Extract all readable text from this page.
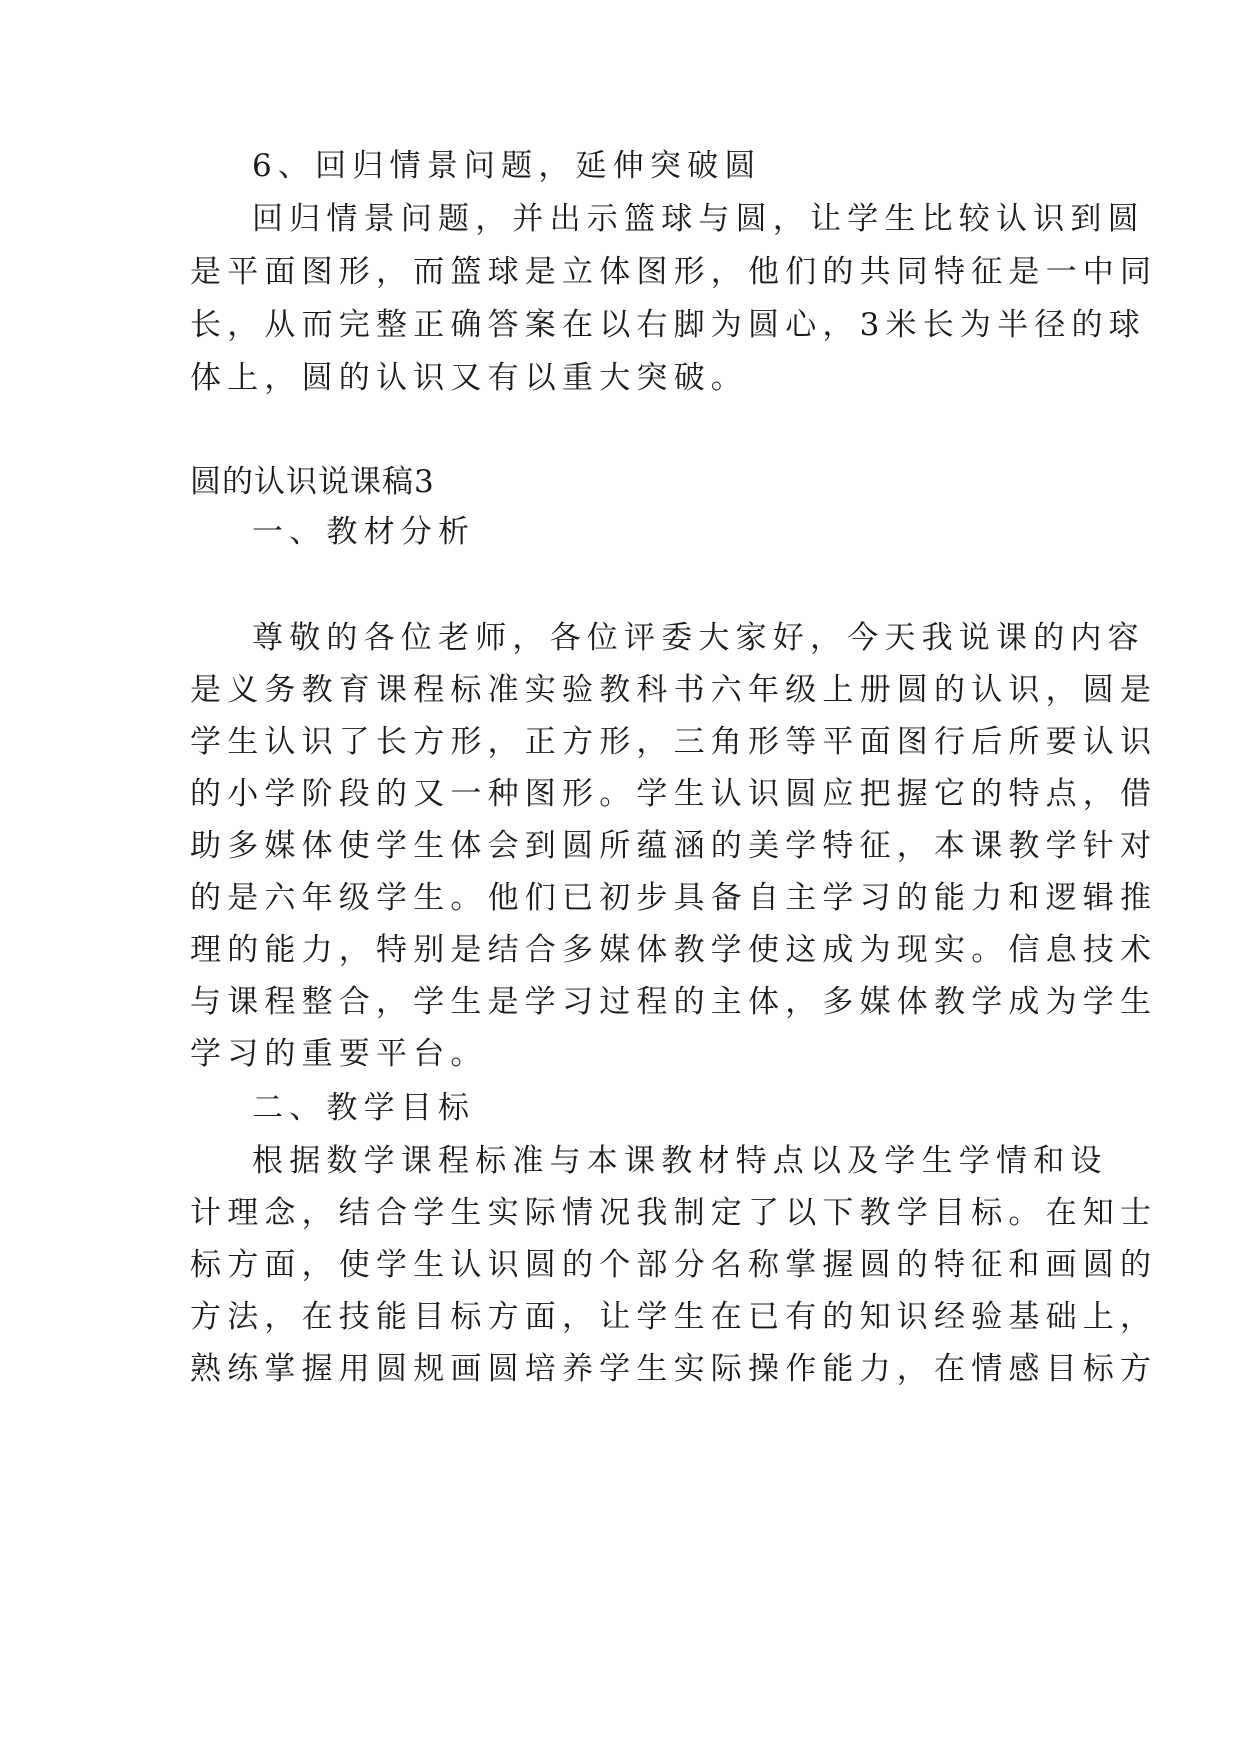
6、回归情景问题，延伸突破圆
回归情景问题，并出示篮球与圆，让学生比较认识到圆
是平面图形，而篮球是立体图形，他们的共同特征是一中同
长，从而完整正确答案在以右脚为圆心，3米长为半径的球
体上，圆的认识又有以重大突破。
圆的认识说课稿3
一、教材分析
尊敬的各位老师，各位评委大家好，今天我说课的内容
是义务教育课程标准实验教科书六年级上册圆的认识，圆是
学生认识了长方形，正方形，三角形等平面图行后所要认识
的小学阶段的又一种图形。学生认识圆应把握它的特点，借
助多媒体使学生体会到圆所蕴涵的美学特征，本课教学针对
的是六年级学生。他们已初步具备自主学习的能力和逻辑推
理的能力，特别是结合多媒体教学使这成为现实。信息技术
与课程整合，学生是学习过程的主体，多媒体教学成为学生
学习的重要平台。
二、教学目标
根据数学课程标准与本课教材特点以及学生学情和设
计理念，结合学生实际情况我制定了以下教学目标。在知士
标方面，使学生认识圆的个部分名称掌握圆的特征和画圆的
方法，在技能目标方面，让学生在已有的知识经验基础上，
熟练掌握用圆规画圆培养学生实际操作能力，在情感目标方
